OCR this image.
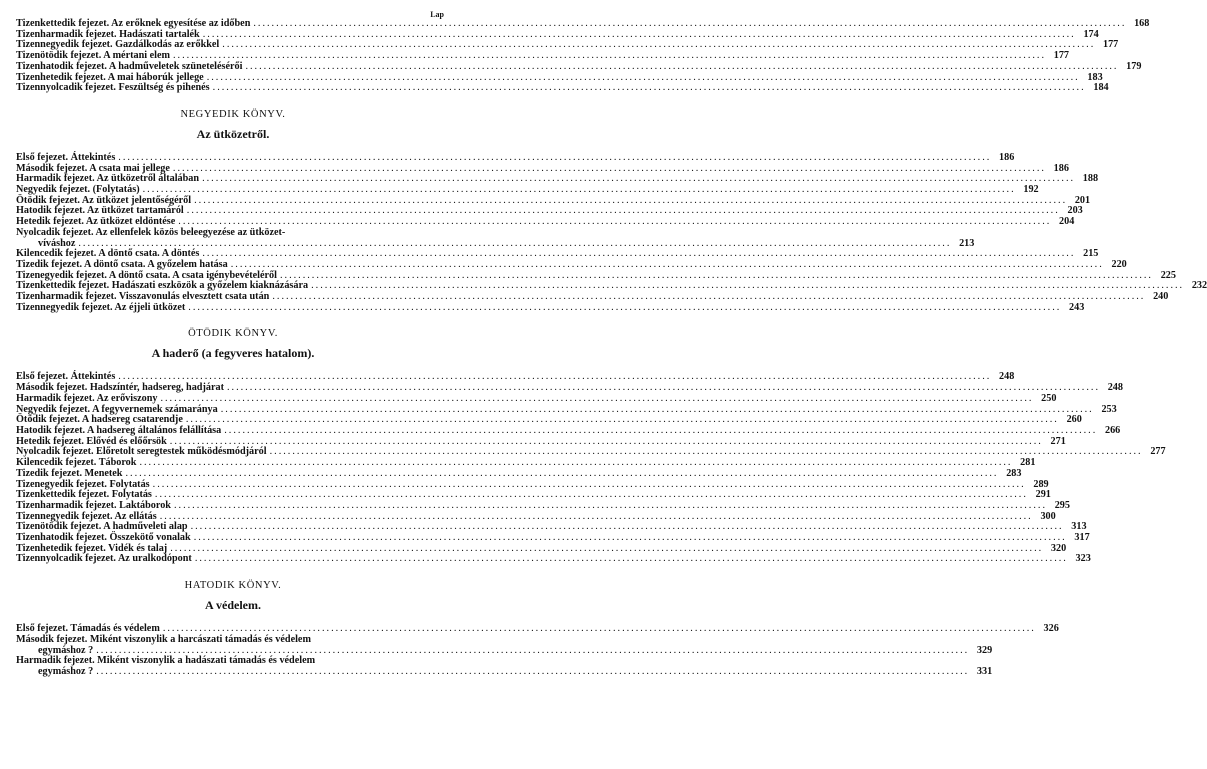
Lap
Tizenkettedik fejezet. Az erőknek egyesítése az időben .....	168
Tizenharmadik fejezet. Hadászati tartalék .....	174
Tizennegyedik fejezet. Gazdálkodás az erőkkel .....	177
Tizenötödik fejezet. A mértani elem .....	177
Tizenhatodik fejezet. A hadműveletek szünetelésérői .....	179
Tizenhetedik fejezet. A mai háborúk jellege .....	183
Tizennyolcadik fejezet. Feszültség és pihenés .....	184
NEGYEDIK KÖNYV.
Az ütközetről.
Első fejezet. Áttekintés .....	186
Második fejezet. A csata mai jellege .....	186
Harmadik fejezet. Az ütközetről általában .....	188
Negyedik fejezet. (Folytatás) .....	192
Ötödik fejezet. Az ütközet jelentőségéről .....	201
Hatodik fejezet. Az ütközet tartamáról .....	203
Hetedik fejezet. Az ütközet eldöntése .....	204
Nyolcadik fejezet. Az ellenfelek közös beleegyezése az ütközet-
víváshoz .....	213
Kilencedik fejezet. A döntő csata. A döntés .....	215
Tizedik fejezet. A döntő csata. A győzelem hatása .....	220
Tizenegyedik fejezet. A döntő csata. A csata igénybevételéről .....	225
Tizenkettedik fejezet. Hadászati eszközök a győzelem kiaknázására .....	232
Tizenharmadik fejezet. Visszavonulás elvesztett csata után .....	240
Tizennegyedik fejezet. Az éjjeli ütközet .....	243
ÖTÖDIK KÖNYV.
A haderő (a fegyveres hatalom).
Első fejezet. Áttekintés .....	248
Második fejezet. Hadszíntér, hadsereg, hadjárat .....	248
Harmadik fejezet. Az erőviszony .....	250
Negyedik fejezet. A fegyvernemek számaránya .....	253
Ötödik fejezet. A hadsereg csatarendje .....	260
Hatodik fejezet. A hadsereg általános felállítása .....	266
Hetedik fejezet. Elővéd és előőrsök .....	271
Nyolcadik fejezet. Előretolt seregtestek működésmódjáról .....	277
Kilencedik fejezet. Táborok .....	281
Tizedik fejezet. Menetek .....	283
Tizenegyedik fejezet. Folytatás .....	289
Tizenkettedik fejezet. Folytatás .....	291
Tizenharmadik fejezet. Laktáborok .....	295
Tizennegyedik fejezet. Az ellátás .....	300
Tizenötödik fejezet. A hadműveleti alap .....	313
Tizenhatodik fejezet. Összekötő vonalak .....	317
Tizenhetedik fejezet. Vidék és talaj .....	320
Tizennyolcadik fejezet. Az uralkodópont .....	323
HATODIK KÖNYV.
A védelem.
Első fejezet. Támadás és védelem .....	326
Második fejezet. Miként viszonylik a harcászati támadás és védelem
egymáshoz ? .....	329
Harmadik fejezet. Miként viszonylik a hadászati támadás és védelem
egymáshoz ? .....	331
